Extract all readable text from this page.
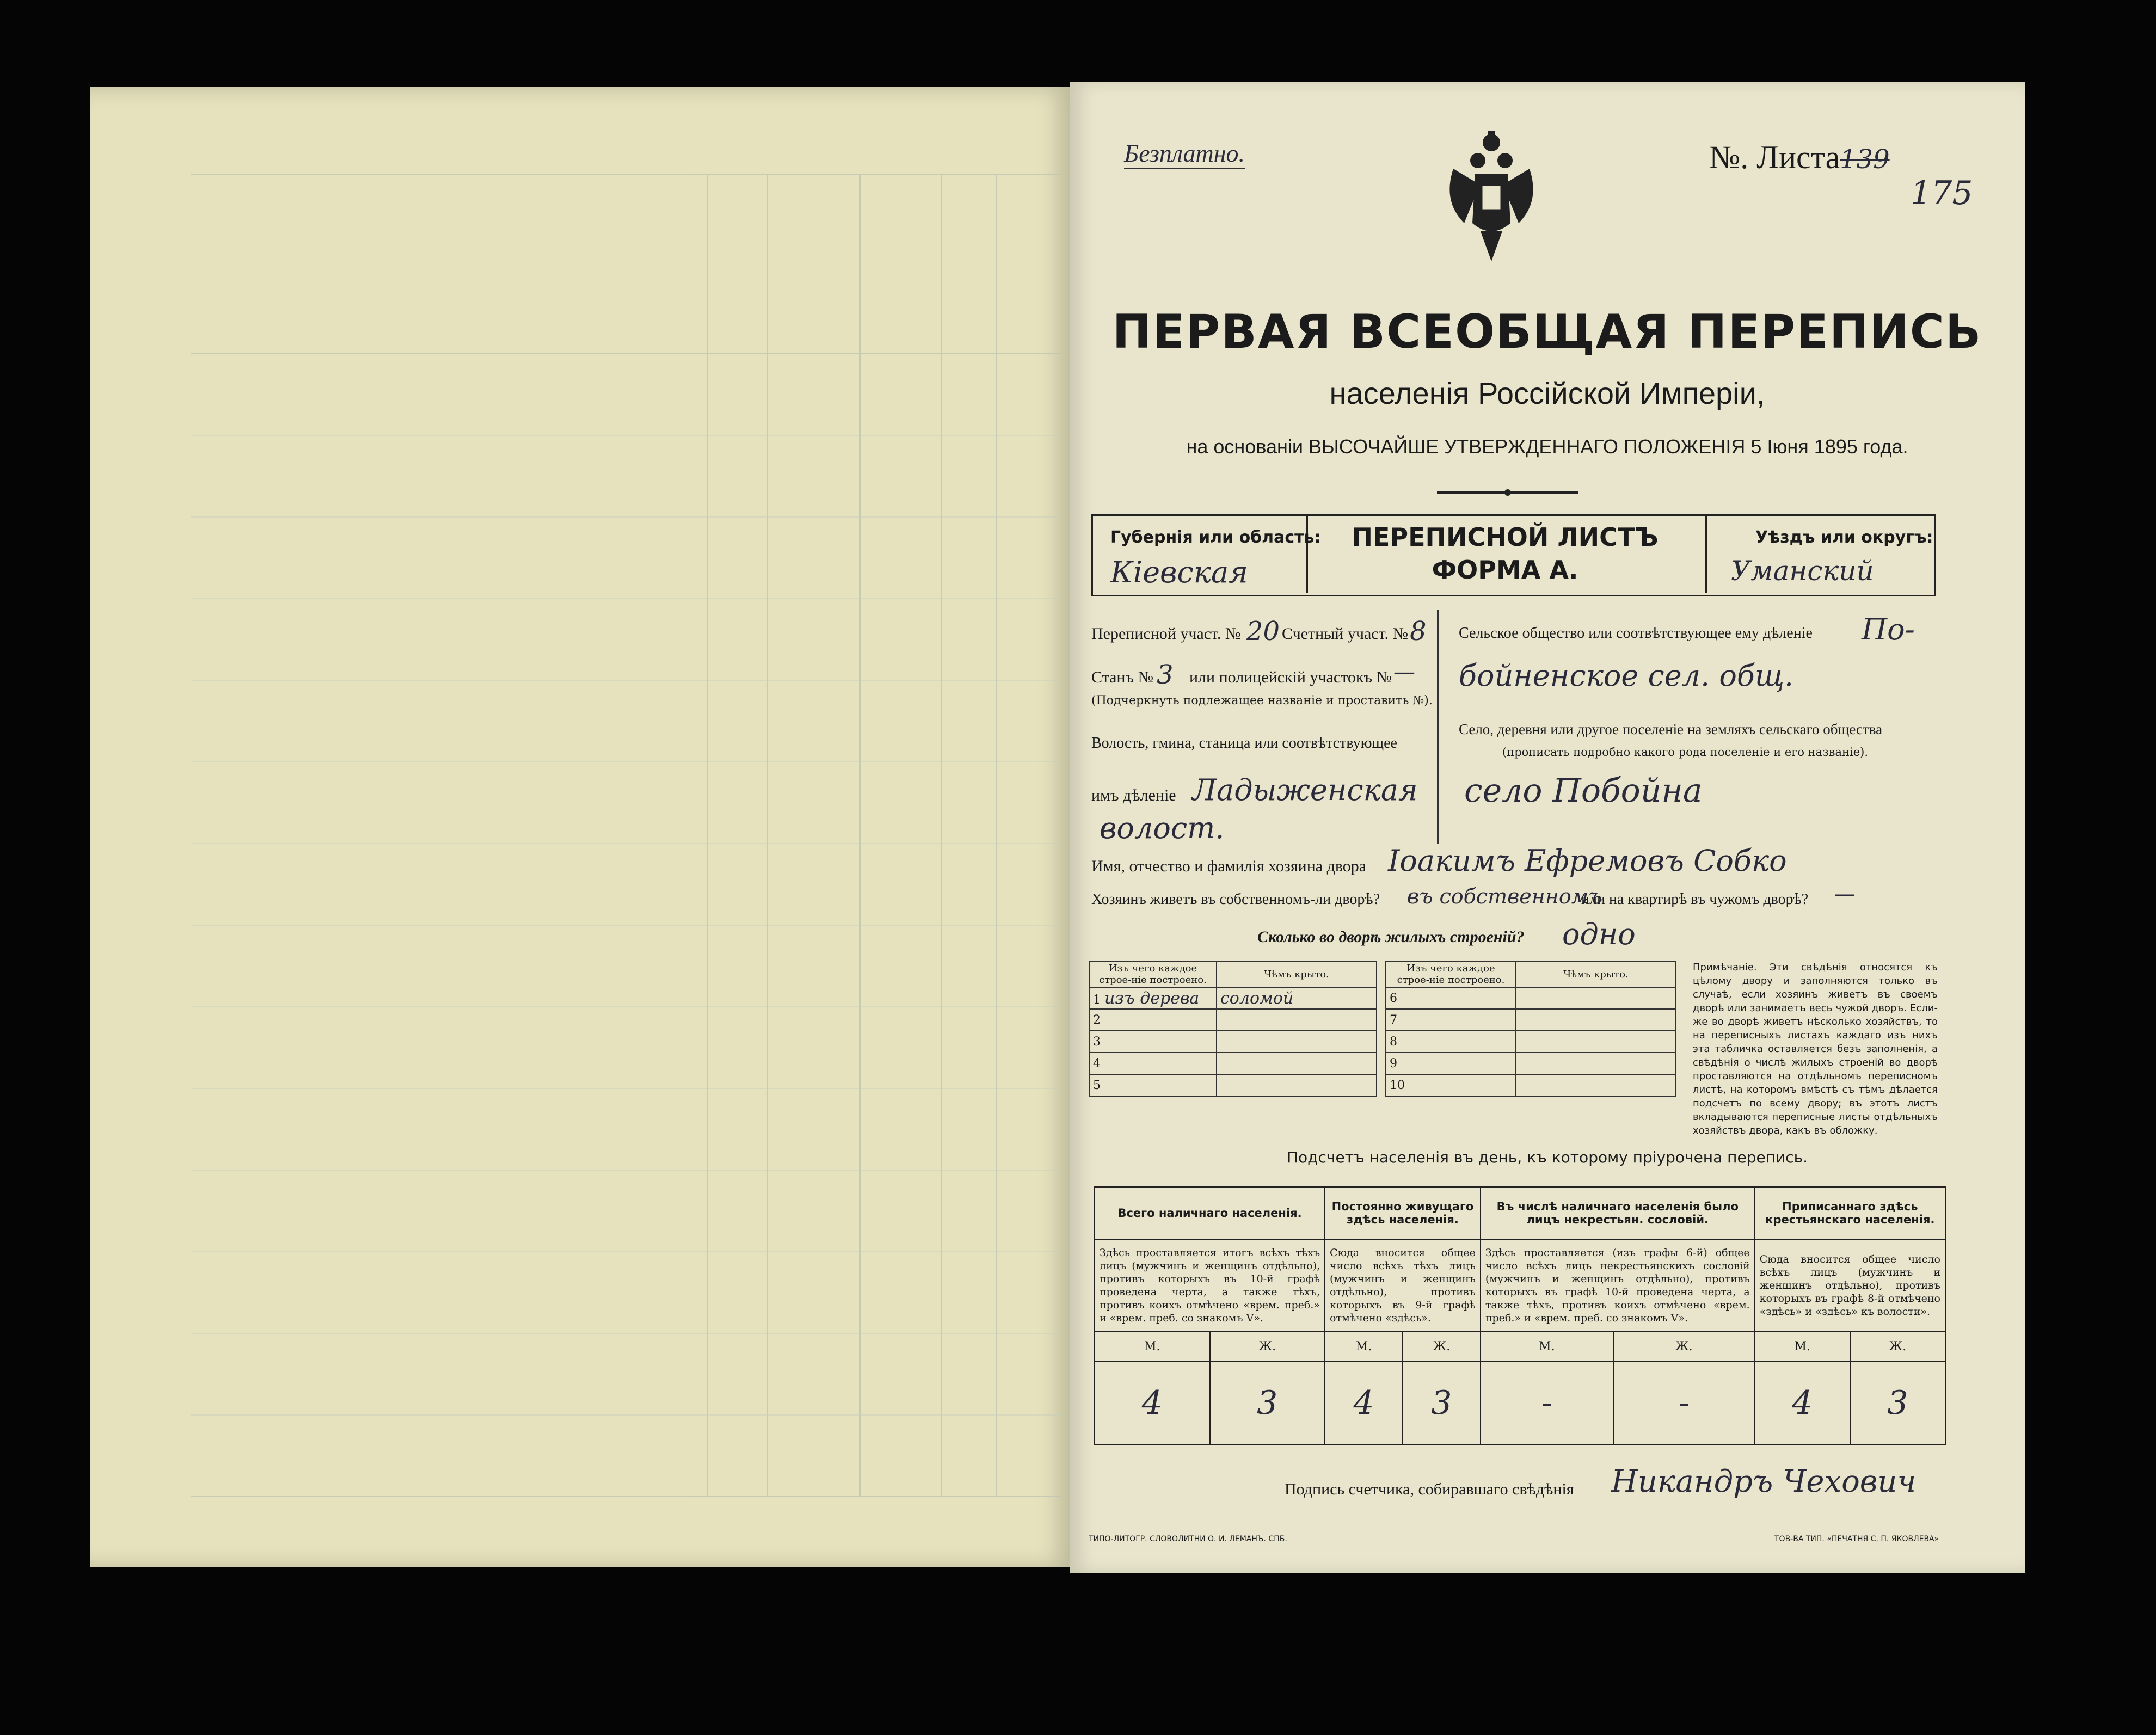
Безплатно.	№. Листа 139
175
ПЕРВАЯ ВСЕОБЩАЯ ПЕРЕПИСЬ
населенія Россійской Имперіи,
на основаніи ВЫСОЧАЙШЕ УТВЕРЖДЕННАГО ПОЛОЖЕНІЯ 5 Іюня 1895 года.
Губернія или область:
Кіевская
ПЕРЕПИСНОЙ ЛИСТЪ
ФОРМА А.
Уѣздъ или округъ:
Уманский
Переписной участ. № 20 Счетный участ. № 8
Станъ № 3 или полицейскій участокъ № —
(Подчеркнуть подлежащее названіе и проставить №).
Волость, гмина, станица или соотвѣтствующее
имъ дѣленіе Ладыженская
волост.
Сельское общество или соотвѣтствующее ему дѣленіе По-
бойненское сел. общ.
Село, деревня или другое поселеніе на земляхъ сельскаго общества
(прописать подробно какого рода поселеніе и его названіе).
село Побойна
Имя, отчество и фамилія хозяина двора Іоакимъ Ефремовъ Собко
Хозяинъ живетъ въ собственномъ-ли дворѣ? въ собственномъ
или на квартирѣ въ чужомъ дворѣ? —
Сколько во дворѣ жилыхъ строеній? одно
Изъ чего каждое строе-ніе построено.	Чѣмъ крыто.
1 изъ дерева	соломой
2	
3	
4	
5	
Изъ чего каждое строе-ніе построено.	Чѣмъ крыто.
6	
7	
8	
9	
10	
Примѣчаніе. Эти свѣдѣнія относятся къ цѣлому двору и заполняются только въ случаѣ, если хозяинъ живетъ въ своемъ дворѣ или занимаетъ весь чужой дворъ. Если-же во дворѣ живетъ нѣсколько хозяйствъ, то на переписныхъ листахъ каждаго изъ нихъ эта табличка оставляется безъ заполненія, а свѣдѣнія о числѣ жилыхъ строеній во дворѣ проставляются на отдѣльномъ переписномъ листѣ, на которомъ вмѣстѣ съ тѣмъ дѣлается подсчетъ по всему двору; въ этотъ листъ вкладываются переписные листы отдѣльныхъ хозяйствъ двора, какъ въ обложку.
Подсчетъ населенія въ день, къ которому пріурочена перепись.
Всего наличнаго населенія.		Постоянно живущаго здѣсь населенія.		Въ числѣ наличнаго населенія было лицъ некрестьян. сословій.		Приписаннаго здѣсь крестьянскаго населенія.	
Здѣсь проставляется итогъ всѣхъ тѣхъ лицъ (мужчинъ и женщинъ отдѣльно), противъ которыхъ въ 10-й графѣ проведена черта, а также тѣхъ, противъ коихъ отмѣчено «врем. преб.» и «врем. преб. со знакомъ V».		Сюда вносится общее число всѣхъ тѣхъ лицъ (мужчинъ и женщинъ отдѣльно), противъ которыхъ въ 9-й графѣ отмѣчено «здѣсь».		Здѣсь проставляется (изъ графы 6-й) общее число всѣхъ лицъ некрестьянскихъ сословій (мужчинъ и женщинъ отдѣльно), противъ которыхъ въ графѣ 10-й проведена черта, а также тѣхъ, противъ коихъ отмѣчено «врем. преб.» и «врем. преб. со знакомъ V».		Сюда вносится общее число всѣхъ лицъ (мужчинъ и женщинъ отдѣльно), противъ которыхъ въ графѣ 8-й отмѣчено «здѣсь» и «здѣсь» къ волости».	
М.	Ж.	М.	Ж.	М.	Ж.	М.	Ж.
4	3	4	3	-	-	4	3
Подпись счетчика, собиравшаго свѣдѣнія Никандръ Чехович
ТИПО-ЛИТОГР. СЛОВОЛИТНИ О. И. ЛЕМАНЪ. СПБ.	ТОВ-ВА ТИП. «ПЕЧАТНЯ С. П. ЯКОВЛЕВА»
